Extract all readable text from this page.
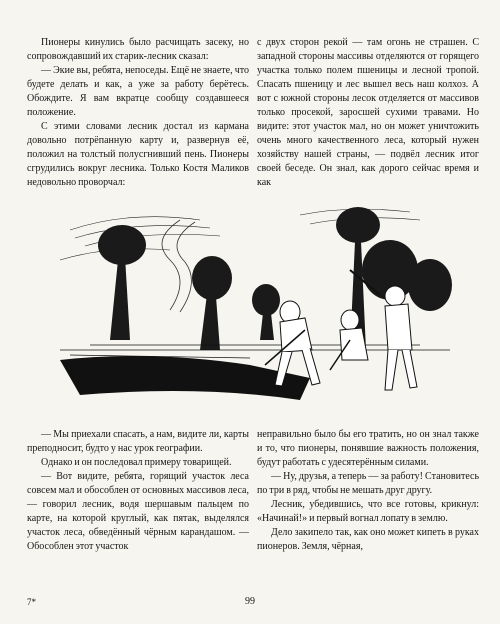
Пионеры кинулись было расчищать засеку, но сопровождавший их старик-лесник сказал:

— Экие вы, ребята, непоседы. Ещё не знаете, что будете делать и как, а уже за работу берётесь. Обождите. Я вам вкратце сообщу создавшееся положение.

С этими словами лесник достал из кармана довольно потрёпанную карту и, развернув её, положил на толстый полусгнивший пень. Пионеры сгрудились вокруг лесника. Только Костя Маликов недовольно проворчал:

с двух сторон рекой — там огонь не страшен. С западной стороны массивы отделяются от горящего участка только полем пшеницы и лесной тропой. Спасать пшеницу и лес вышел весь наш колхоз. А вот с южной стороны лесок отделяется от массивов только просекой, заросшей сухими травами. Но видите: этот участок мал, но он может уничтожить очень много качественного леса, который нужен хозяйству нашей страны, — подвёл лесник итог своей беседе. Он знал, как дорого сейчас время и как

— Мы приехали спасать, а нам, видите ли, карты преподносит, будто у нас урок географии.

Однако и он последовал примеру товарищей.

— Вот видите, ребята, горящий участок леса совсем мал и обособлен от основных массивов леса, — говорил лесник, водя шершавым пальцем по карте, на которой круглый, как пятак, выделялся участок леса, обведённый чёрным карандашом. — Обособлен этот участок

неправильно было бы его тратить, но он знал также и то, что пионеры, понявшие важность положения, будут работать с удесятерённым силами.

— Ну, друзья, а теперь — за работу! Становитесь по три в ряд, чтобы не мешать друг другу.

Лесник, убедившись, что все готовы, крикнул: «Начинай!» и первый вогнал лопату в землю.

Дело закипело так, как оно может кипеть в руках пионеров. Земля, чёрная,

7*	99
